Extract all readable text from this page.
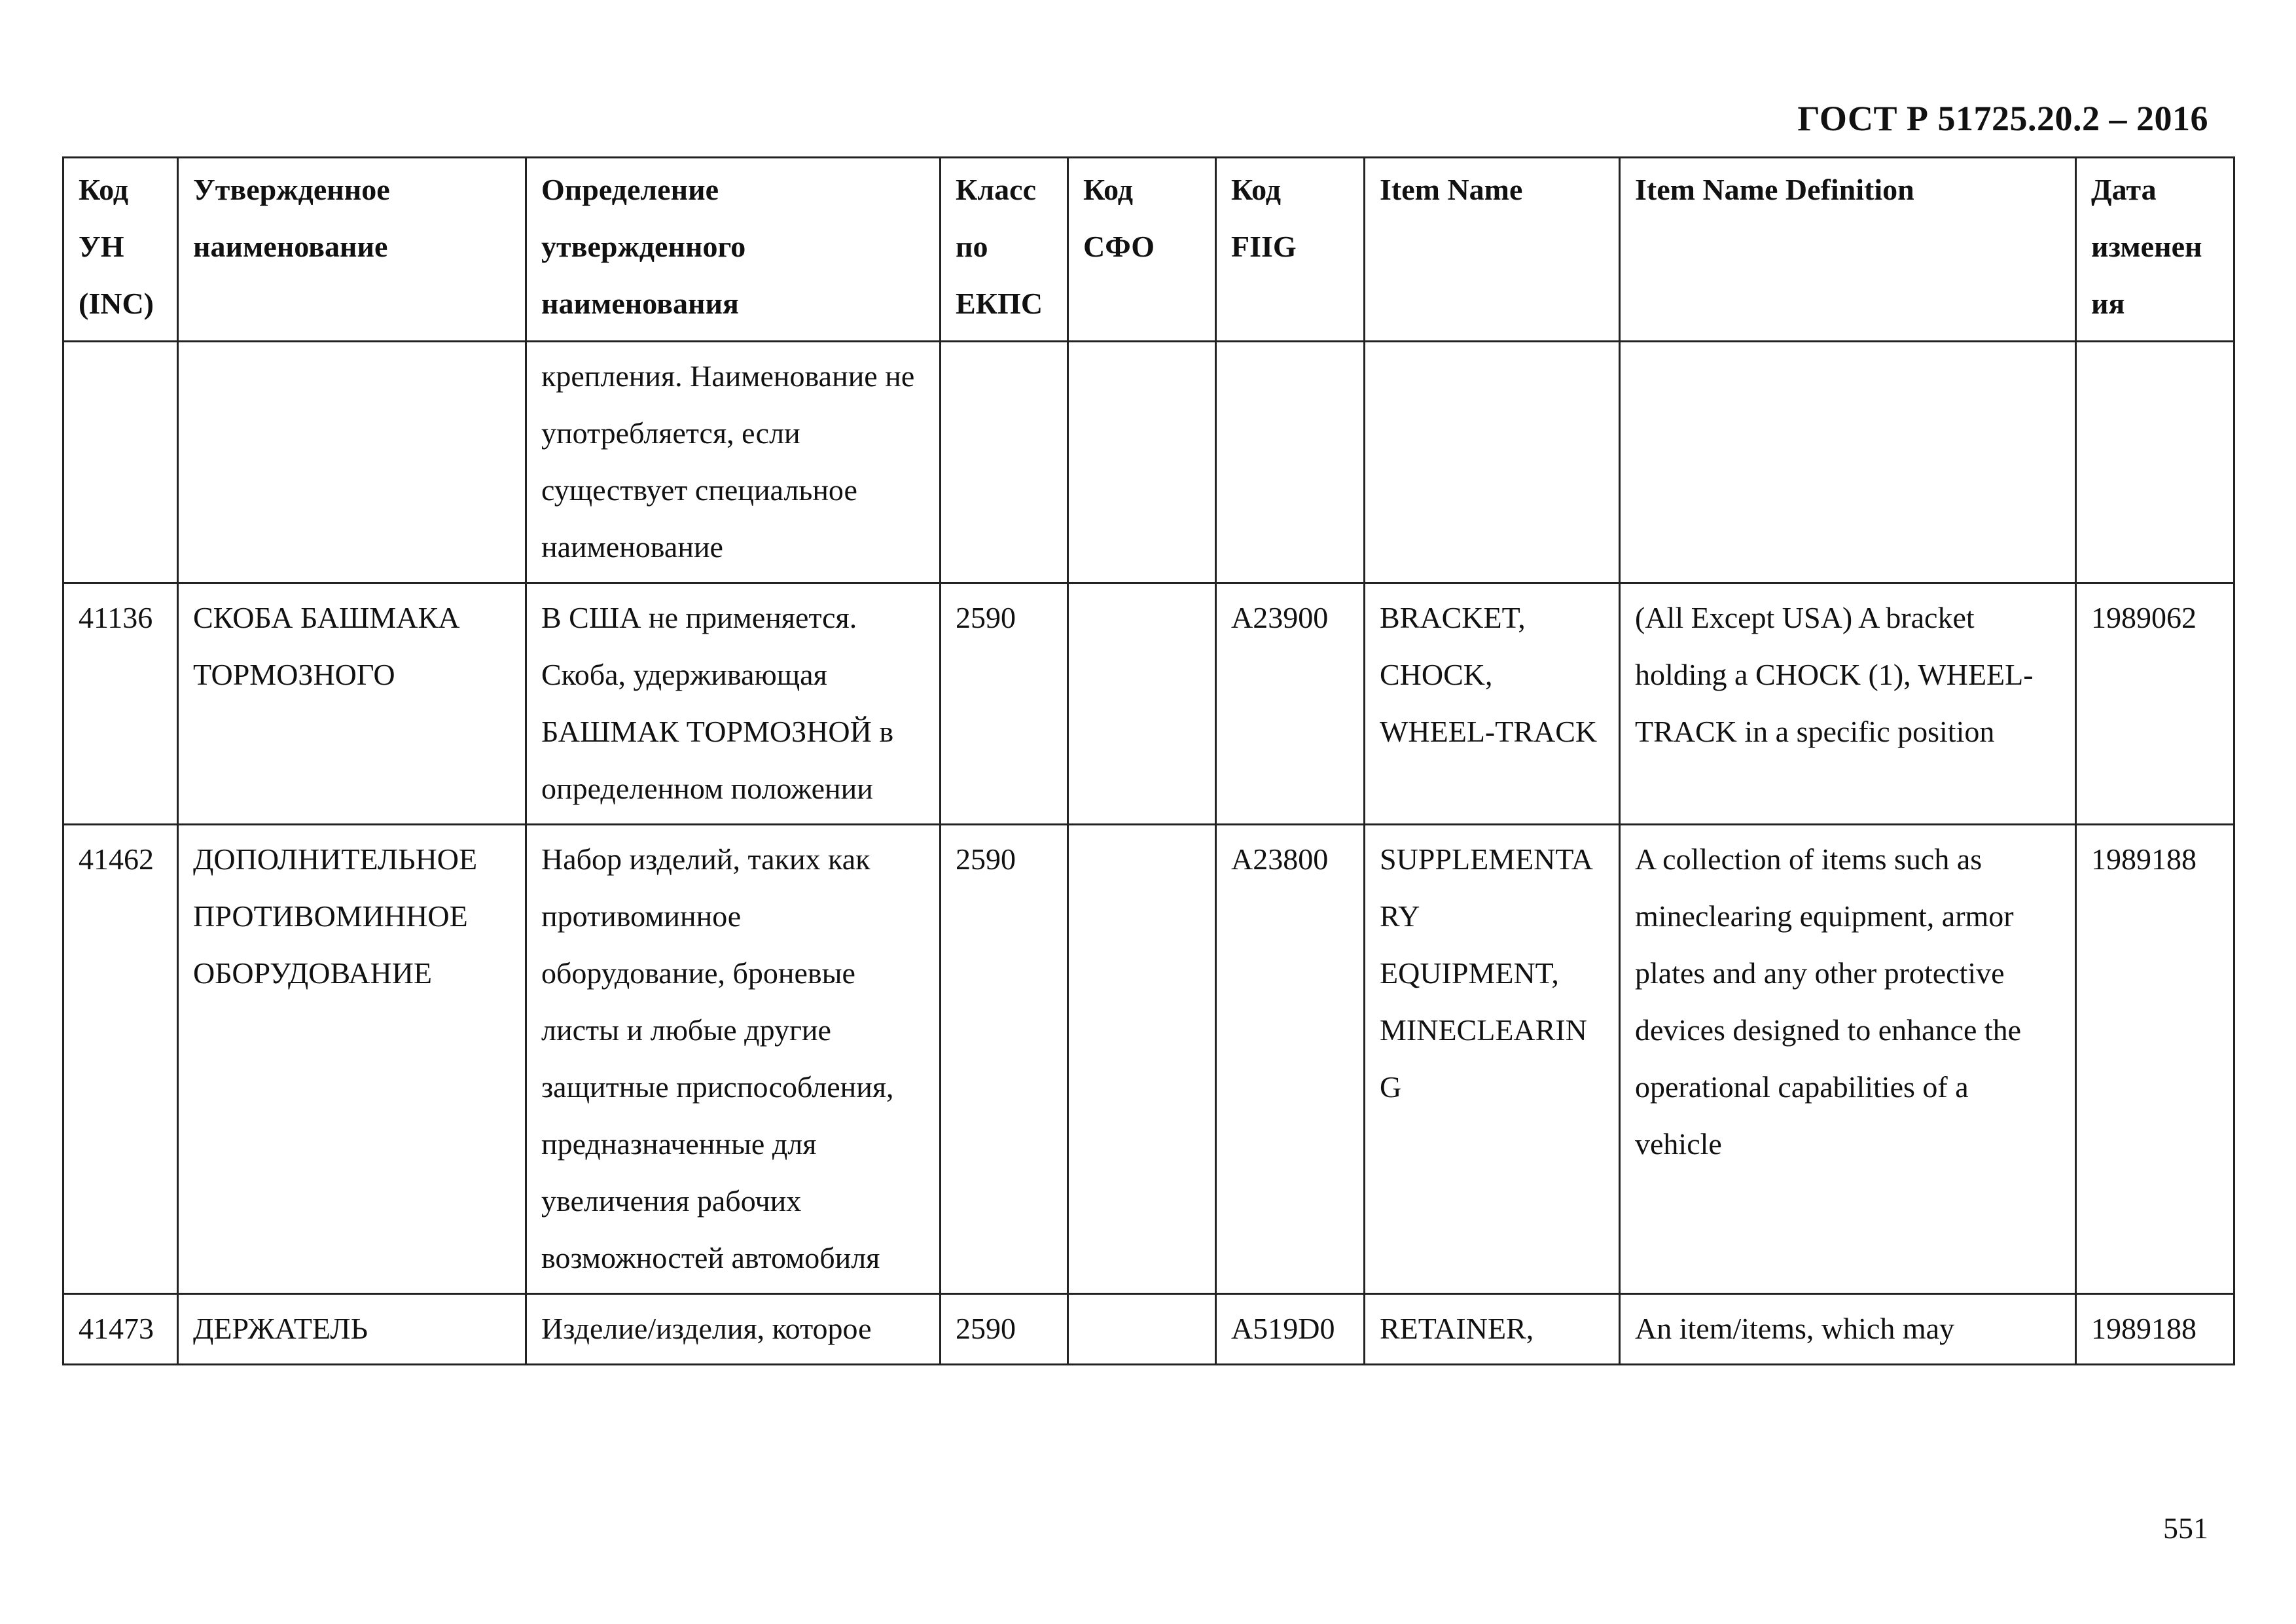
ГОСТ Р 51725.20.2 – 2016
Код УН (INC)	Утвержденное наименование	Определение утвержденного наименования	Класс по ЕКПС	Код СФО	Код FIIG	Item Name	Item Name Definition	Дата изменения
		крепления. Наименование не употребляется, если существует специальное наименование						
41136	СКОБА БАШМАКА ТОРМОЗНОГО	В США не применяется. Скоба, удерживающая БАШМАК ТОРМОЗНОЙ в определенном положении	2590		A23900	BRACKET, CHOCK, WHEEL-TRACK	(All Except USA) A bracket holding a CHOCK (1), WHEEL-TRACK in a specific position	1989062
41462	ДОПОЛНИТЕЛЬНОЕ ПРОТИВОМИННОЕ ОБОРУДОВАНИЕ	Набор изделий, таких как противоминное оборудование, броневые листы и любые другие защитные приспособления, предназначенные для увеличения рабочих возможностей автомобиля	2590		A23800	SUPPLEMENTARY EQUIPMENT, MINECLEARING	A collection of items such as mineclearing equipment, armor plates and any other protective devices designed to enhance the operational capabilities of a vehicle	1989188
41473	ДЕРЖАТЕЛЬ	Изделие/изделия, которое	2590		A519D0	RETAINER,	An item/items, which may	1989188
551
